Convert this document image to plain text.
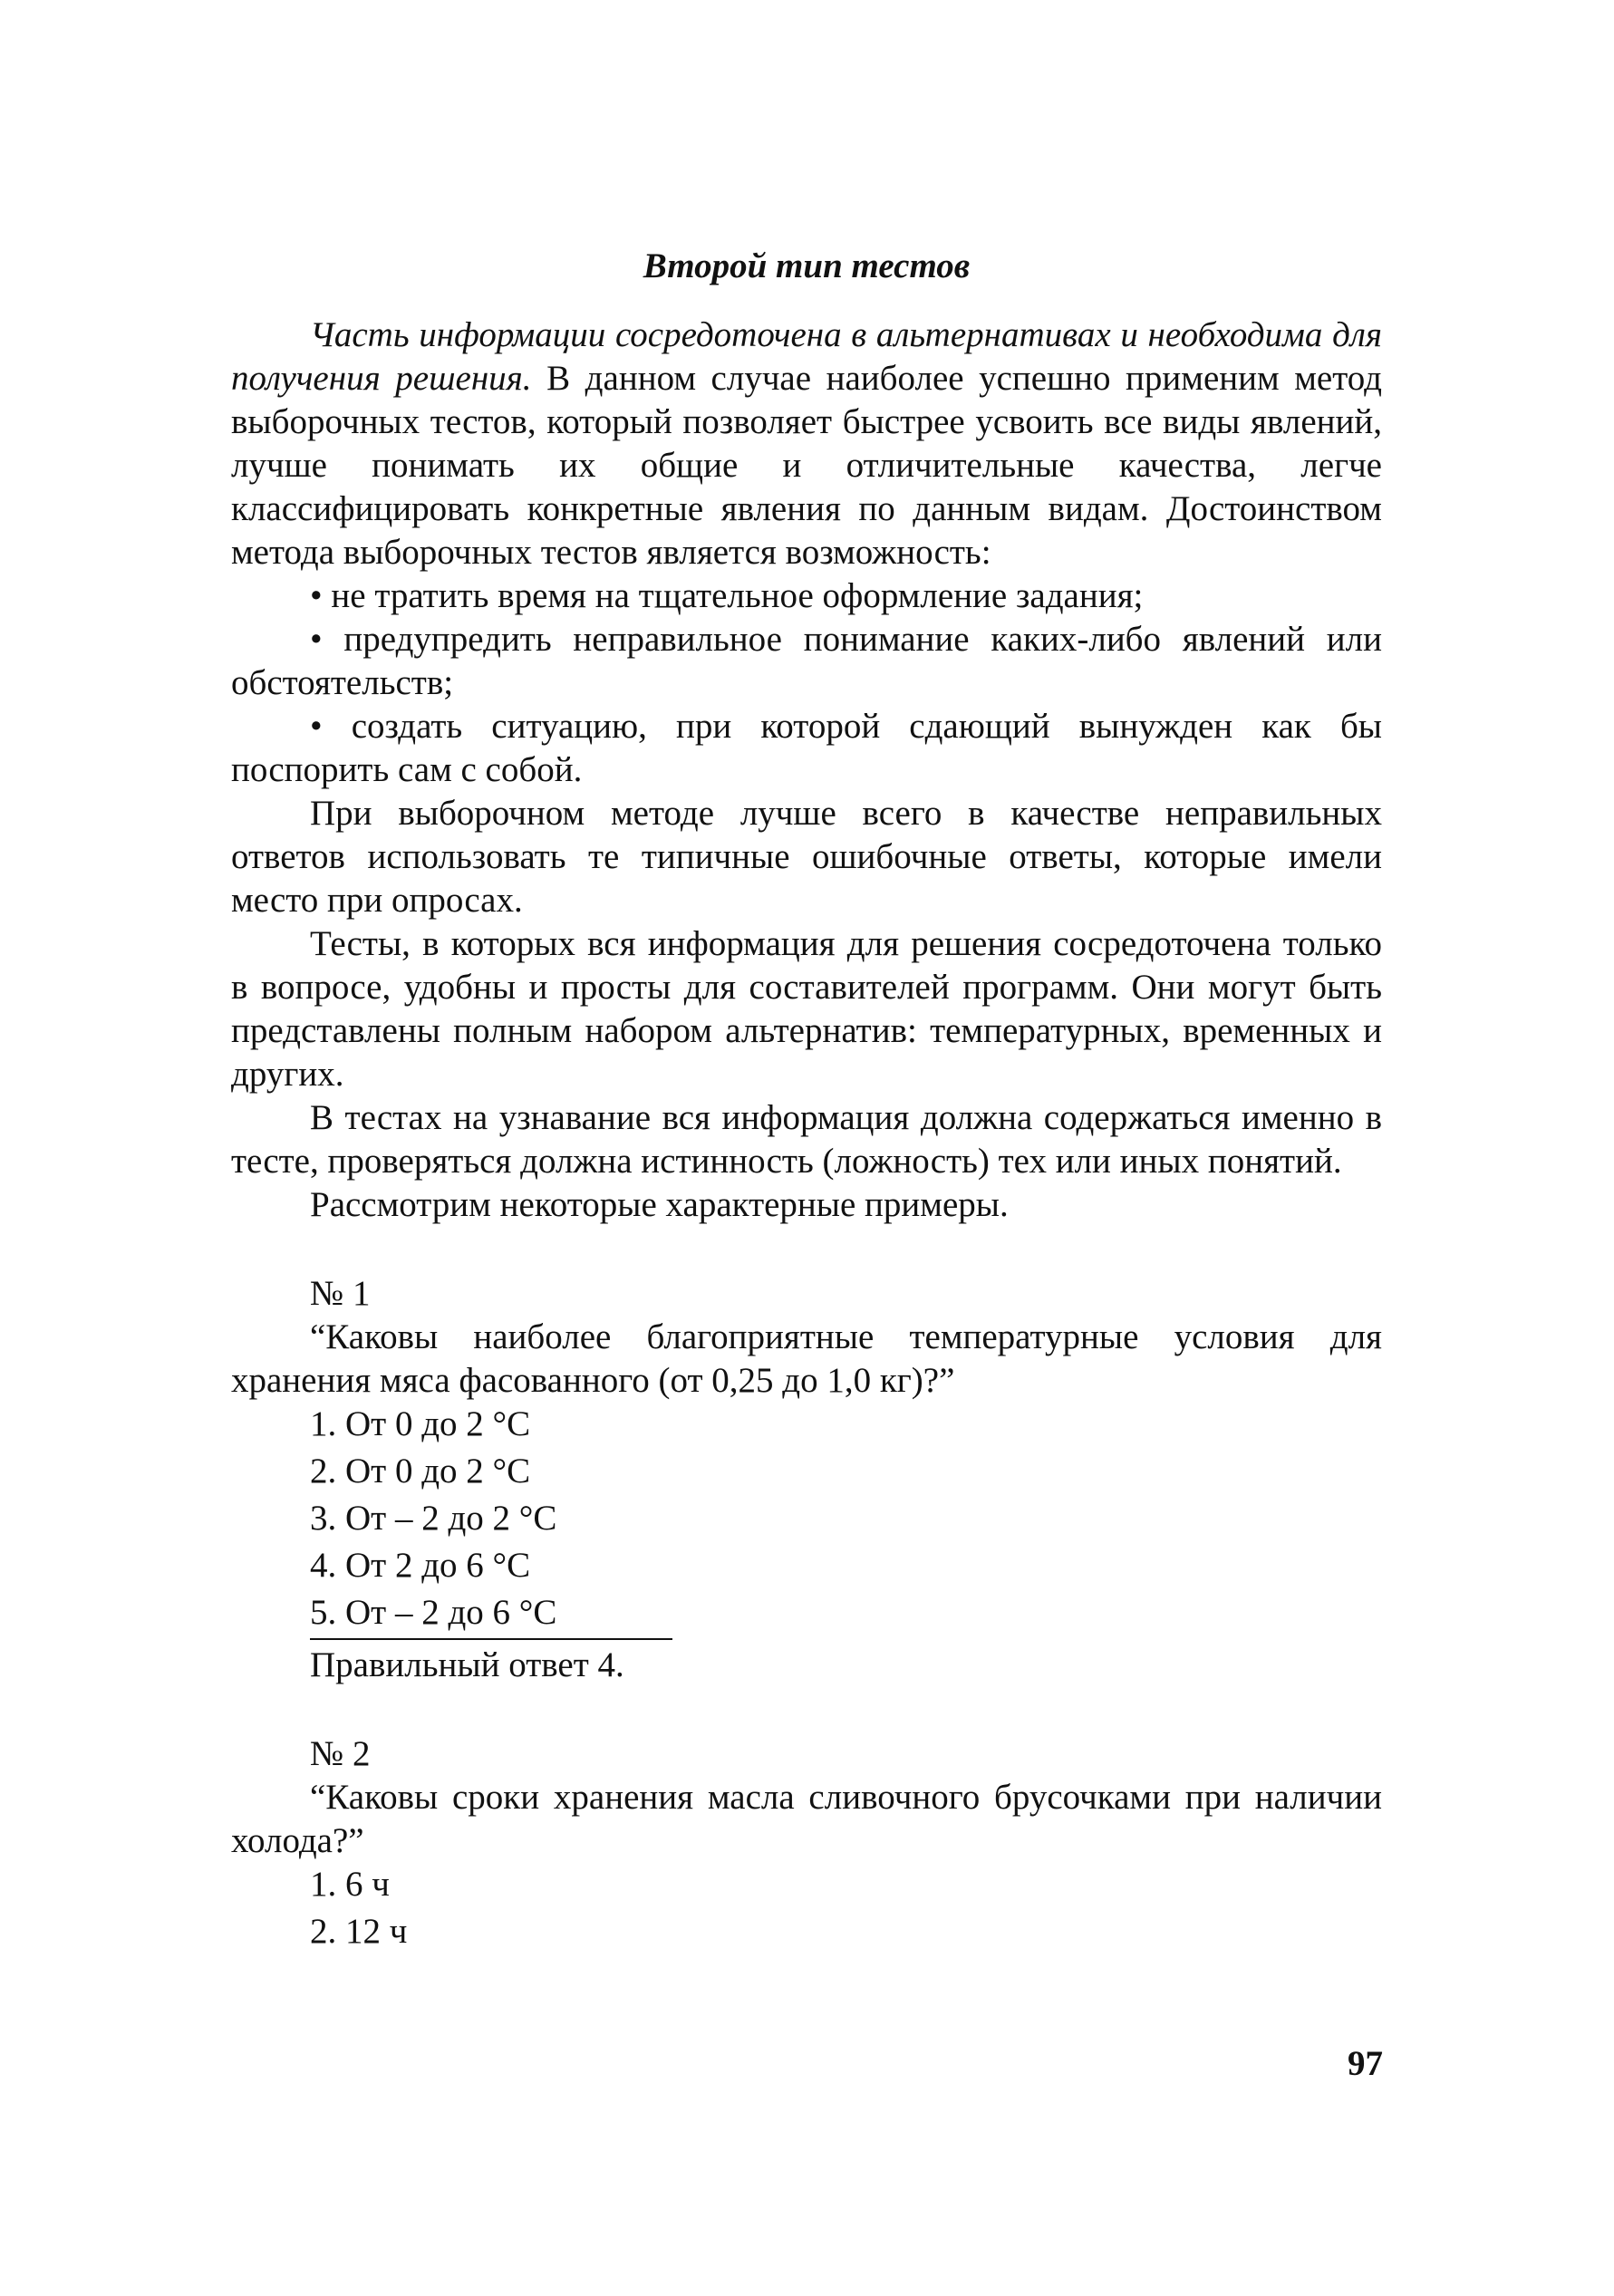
Второй тип тестов

Часть информации сосредоточена в альтернативах и необходима для получения решения. В данном случае наиболее успешно применим метод выборочных тестов, который позволяет быстрее усвоить все виды явлений, лучше понимать их общие и отличительные качества, легче классифицировать конкретные явления по данным видам. Достоинством метода выборочных тестов является возможность:

• не тратить время на тщательное оформление задания;

• предупредить неправильное понимание каких-либо явлений или обстоятельств;

• создать ситуацию, при которой сдающий вынужден как бы поспорить сам с собой.

При выборочном методе лучше всего в качестве неправильных ответов использовать те типичные ошибочные ответы, которые имели место при опросах.

Тесты, в которых вся информация для решения сосредоточена только в вопросе, удобны и просты для составителей программ. Они могут быть представлены полным набором альтернатив: температурных, временных и других.

В тестах на узнавание вся информация должна содержаться именно в тесте, проверяться должна истинность (ложность) тех или иных понятий.

Рассмотрим некоторые характерные примеры.

№ 1

“Каковы наиболее благоприятные температурные условия для хранения мяса фасованного (от 0,25 до 1,0 кг)?”

1. От 0 до 2 °С
2. От 0 до 2 °С
3. От – 2 до 2 °С
4. От 2 до 6 °С
5. От – 2 до 6 °С
Правильный ответ 4.
№ 2

“Каковы сроки хранения масла сливочного брусочками при наличии холода?”

1. 6 ч
2. 12 ч
97
